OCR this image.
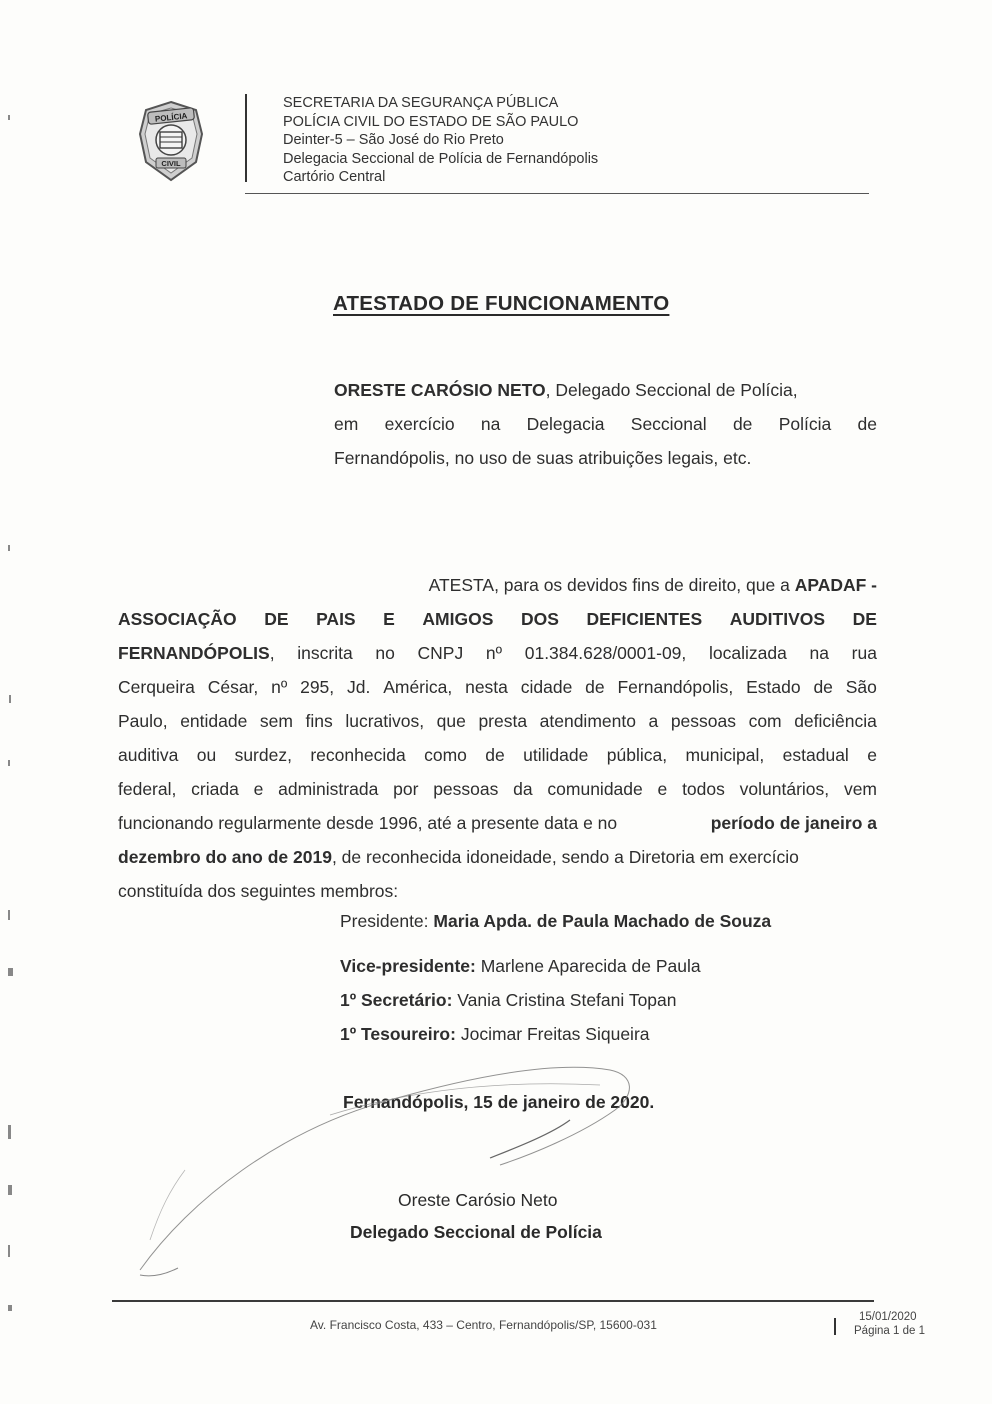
POLÍCIA
CIVIL
SECRETARIA DA SEGURANÇA PÚBLICA
POLÍCIA CIVIL DO ESTADO DE SÃO PAULO
Deinter-5 – São José do Rio Preto
Delegacia Seccional de Polícia de Fernandópolis
Cartório Central
ATESTADO DE FUNCIONAMENTO
ORESTE CARÓSIO NETO, Delegado Seccional de Polícia,
em exercício na Delegacia Seccional de Polícia de
Fernandópolis, no uso de suas atribuições legais, etc.
ATESTA, para os devidos fins de direito, que a APADAF -
ASSOCIAÇÃO DE PAIS E AMIGOS DOS DEFICIENTES AUDITIVOS DE
FERNANDÓPOLIS, inscrita no CNPJ nº 01.384.628/0001-09, localizada na rua
Cerqueira César, nº 295, Jd. América, nesta cidade de Fernandópolis, Estado de São
Paulo, entidade sem fins lucrativos, que presta atendimento a pessoas com deficiência
auditiva ou surdez, reconhecida como de utilidade pública, municipal, estadual e
federal, criada e administrada por pessoas da comunidade e todos voluntários, vem
funcionando regularmente desde 1996, até a presente data e no	período de janeiro a
dezembro do ano de 2019, de reconhecida idoneidade, sendo a Diretoria em exercício
constituída dos seguintes membros:
Presidente: Maria Apda. de Paula Machado de Souza
Vice-presidente: Marlene Aparecida de Paula
1º Secretário: Vania Cristina Stefani Topan
1º Tesoureiro: Jocimar Freitas Siqueira
Fernandópolis, 15 de janeiro de 2020.
Oreste Carósio Neto
Delegado Seccional de Polícia
Av. Francisco Costa, 433 – Centro, Fernandópolis/SP, 15600-031
15/01/2020
Página 1 de 1
